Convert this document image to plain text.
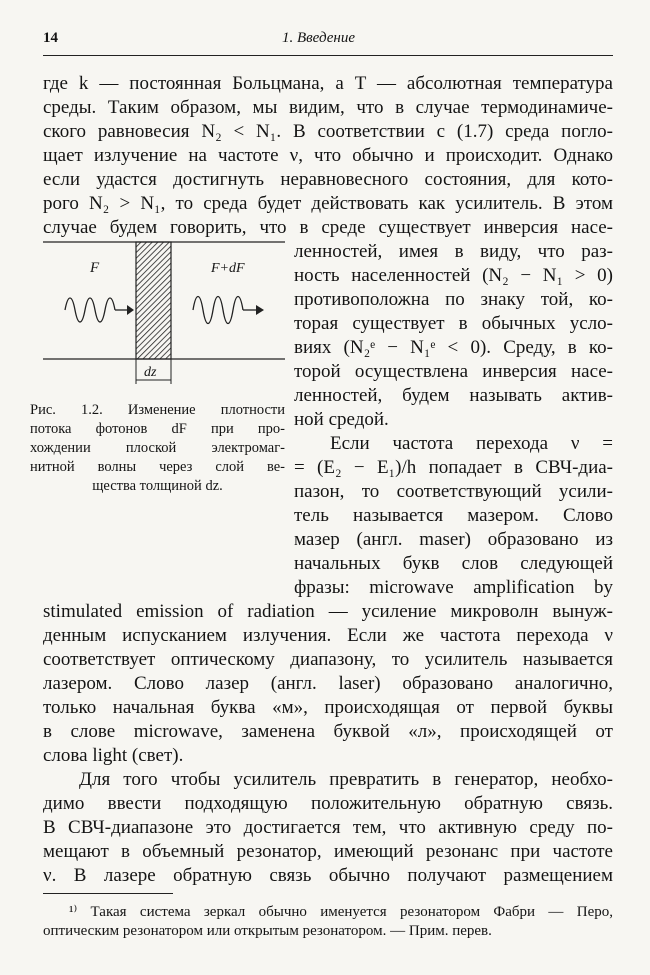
14	1. Введение
где k — постоянная Больцмана, а T — абсолютная температура
среды. Таким образом, мы видим, что в случае термодинамиче-
ского равновесия N₂ < N₁. В соответствии с (1.7) среда погло-
щает излучение на частоте ν, что обычно и происходит. Однако
если удастся достигнуть неравновесного состояния, для кото-
рого N₂ > N₁, то среда будет действовать как усилитель. В этом
случае будем говорить, что в среде существует инверсия насе-
ленностей, имея в виду, что раз-
ность населенностей (N₂ − N₁ > 0)
противоположна по знаку той, ко-
торая существует в обычных усло-
виях (N₂ᵉ − N₁ᵉ < 0). Среду, в ко-
торой осуществлена инверсия насе-
ленностей, будем называть актив-
ной средой.
Если частота перехода ν =
= (E₂ − E₁)/h попадает в СВЧ-диа-
пазон, то соответствующий усили-
тель называется мазером. Слово
мазер (англ. maser) образовано из
начальных букв слов следующей
фразы: microwave amplification by
F	F+dF
dz
Рис. 1.2. Изменение плотности
потока фотонов dF при про-
хождении плоской электромаг-
нитной волны через слой ве-
щества толщиной dz.
stimulated emission of radiation — усиление микроволн вынуж-
денным испусканием излучения. Если же частота перехода ν
соответствует оптическому диапазону, то усилитель называется
лазером. Слово лазер (англ. laser) образовано аналогично,
только начальная буква «м», происходящая от первой буквы
в слове microwave, заменена буквой «л», происходящей от
слова light (свет).
Для того чтобы усилитель превратить в генератор, необхо-
димо ввести подходящую положительную обратную связь.
В СВЧ-диапазоне это достигается тем, что активную среду по-
мещают в объемный резонатор, имеющий резонанс при частоте
ν. В лазере обратную связь обычно получают размещением
¹⁾ Такая система зеркал обычно именуется резонатором Фабри — Перо,
оптическим резонатором или открытым резонатором. — Прим. перев.
